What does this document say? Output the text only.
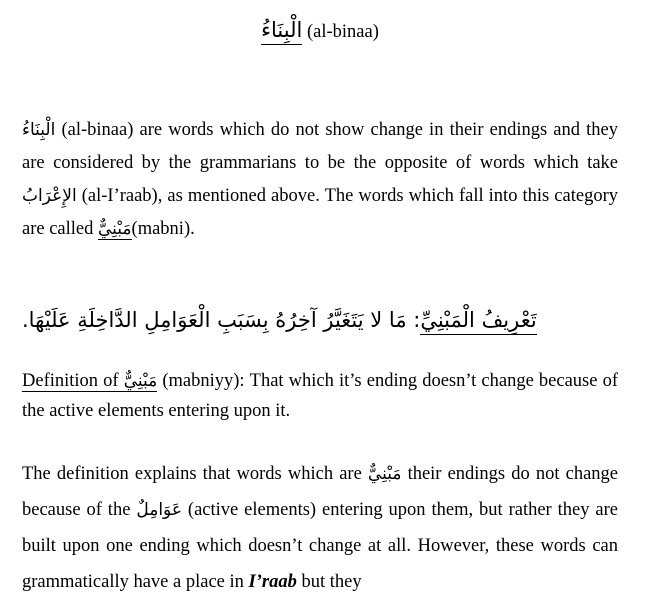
الْبِنَاءُ (al-binaa)
الْبِنَاءُ (al-binaa) are words which do not show change in their endings and they are considered by the grammarians to be the opposite of words which take الإِعْرَابُ (al-I’raab), as mentioned above. The words which fall into this category are called مَبْنِيٌّ(mabni).
تَعْرِيفُ الْمَبْنِيِّ: مَا لا يَتَغَيَّرُ آخِرُهُ بِسَبَبِ الْعَوَامِلِ الدَّاخِلَةِ عَلَيْهَا.
Definition of مَبْنِيٌّ (mabniyy): That which it’s ending doesn’t change because of the active elements entering upon it.
The definition explains that words which are مَبْنِيٌّ their endings do not change because of the عَوَامِلٌ (active elements) entering upon them, but rather they are built upon one ending which doesn’t change at all. However, these words can grammatically have a place in I’raab but they
